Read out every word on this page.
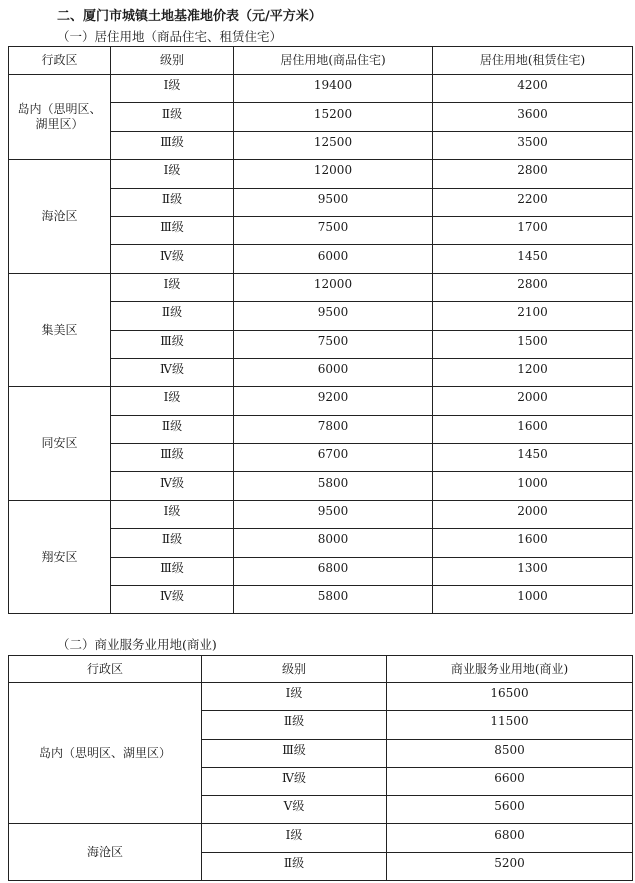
二、厦门市城镇土地基准地价表（元/平方米）
（一）居住用地（商品住宅、租赁住宅）
行政区	级别	居住用地(商品住宅)	居住用地(租赁住宅)
岛内（思明区、湖里区）	Ⅰ级	19400	4200
	Ⅱ级	15200	3600
	Ⅲ级	12500	3500
海沧区	Ⅰ级	12000	2800
	Ⅱ级	9500	2200
	Ⅲ级	7500	1700
	Ⅳ级	6000	1450
集美区	Ⅰ级	12000	2800
	Ⅱ级	9500	2100
	Ⅲ级	7500	1500
	Ⅳ级	6000	1200
同安区	Ⅰ级	9200	2000
	Ⅱ级	7800	1600
	Ⅲ级	6700	1450
	Ⅳ级	5800	1000
翔安区	Ⅰ级	9500	2000
	Ⅱ级	8000	1600
	Ⅲ级	6800	1300
	Ⅳ级	5800	1000
（二）商业服务业用地(商业)
行政区	级别	商业服务业用地(商业)
岛内（思明区、湖里区）	Ⅰ级	16500
	Ⅱ级	11500
	Ⅲ级	8500
	Ⅳ级	6600
	Ⅴ级	5600
海沧区	Ⅰ级	6800
	Ⅱ级	5200
